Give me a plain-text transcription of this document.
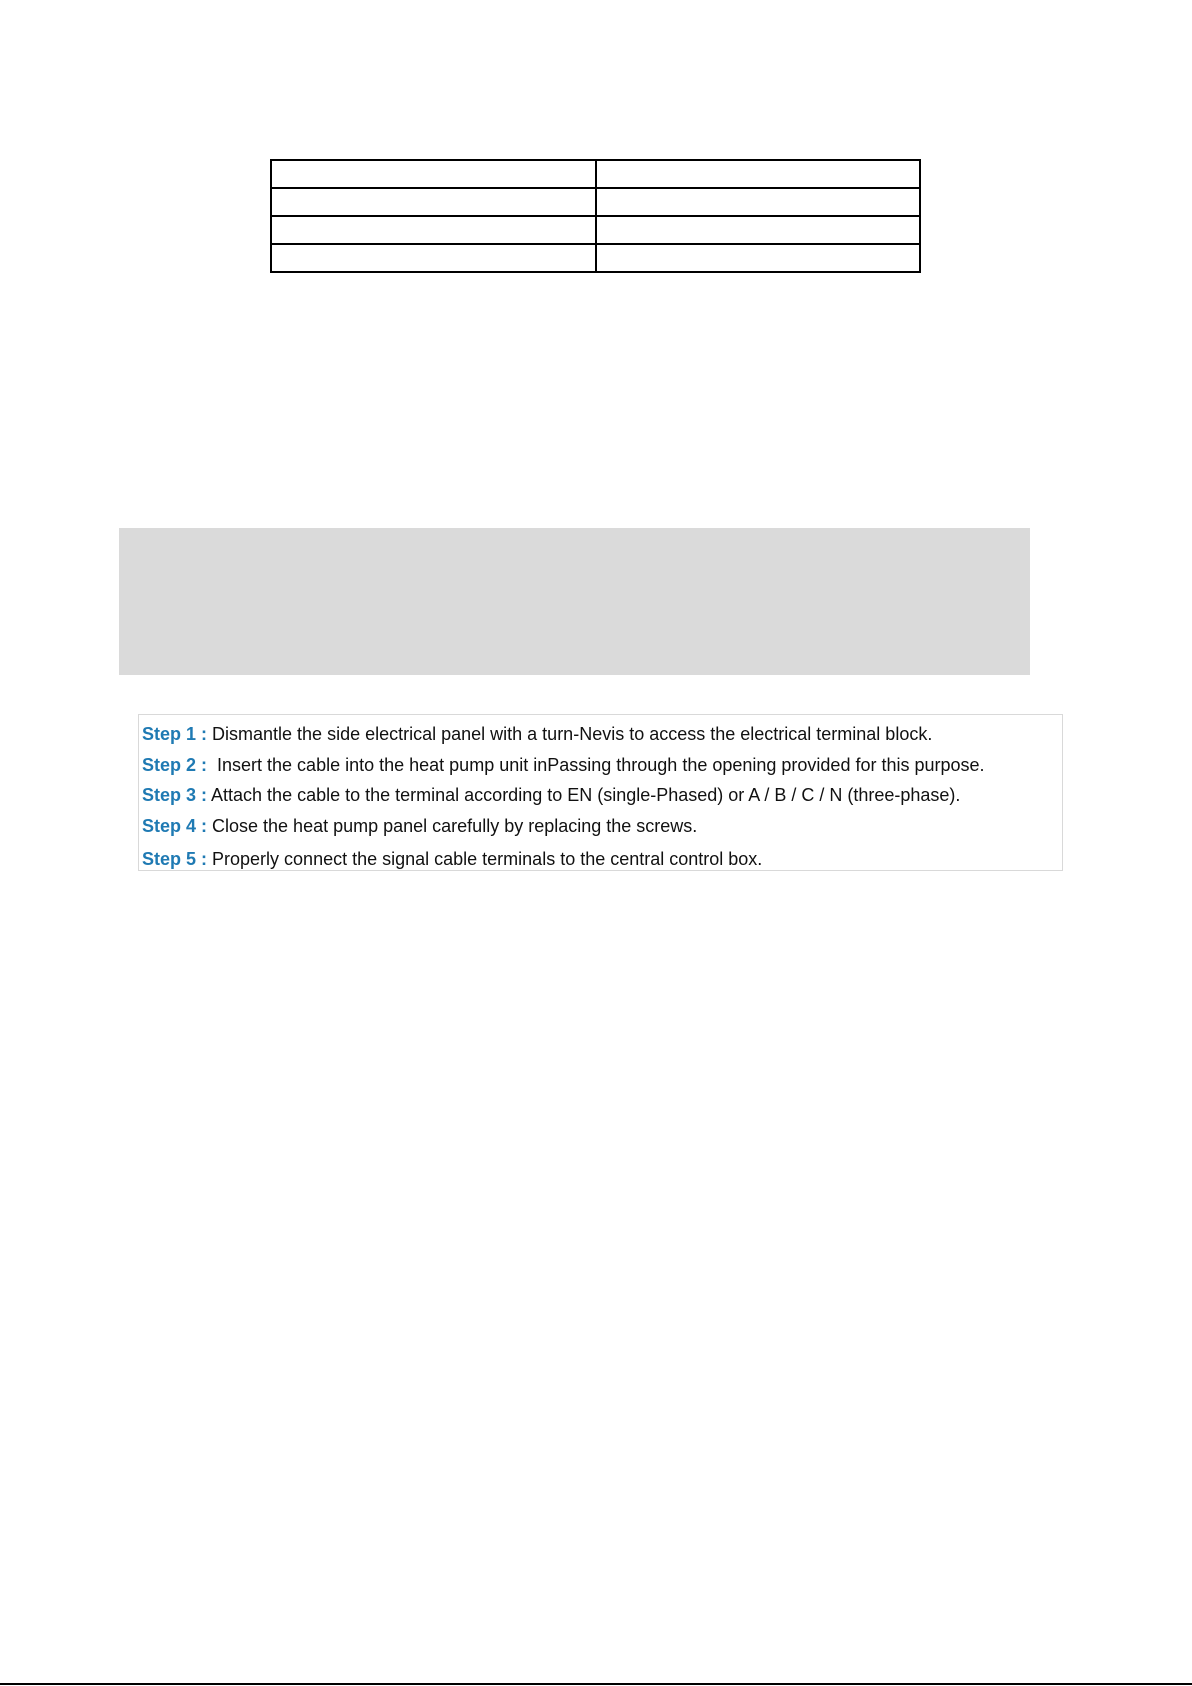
Step 1 : Dismantle the side electrical panel with a turn-Nevis to access the electrical terminal block.
Step 2 :  Insert the cable into the heat pump unit inPassing through the opening provided for this purpose.
Step 3 : Attach the cable to the terminal according to EN (single-Phased) or A / B / C / N (three-phase).
Step 4 : Close the heat pump panel carefully by replacing the screws.
Step 5 : Properly connect the signal cable terminals to the central control box.
